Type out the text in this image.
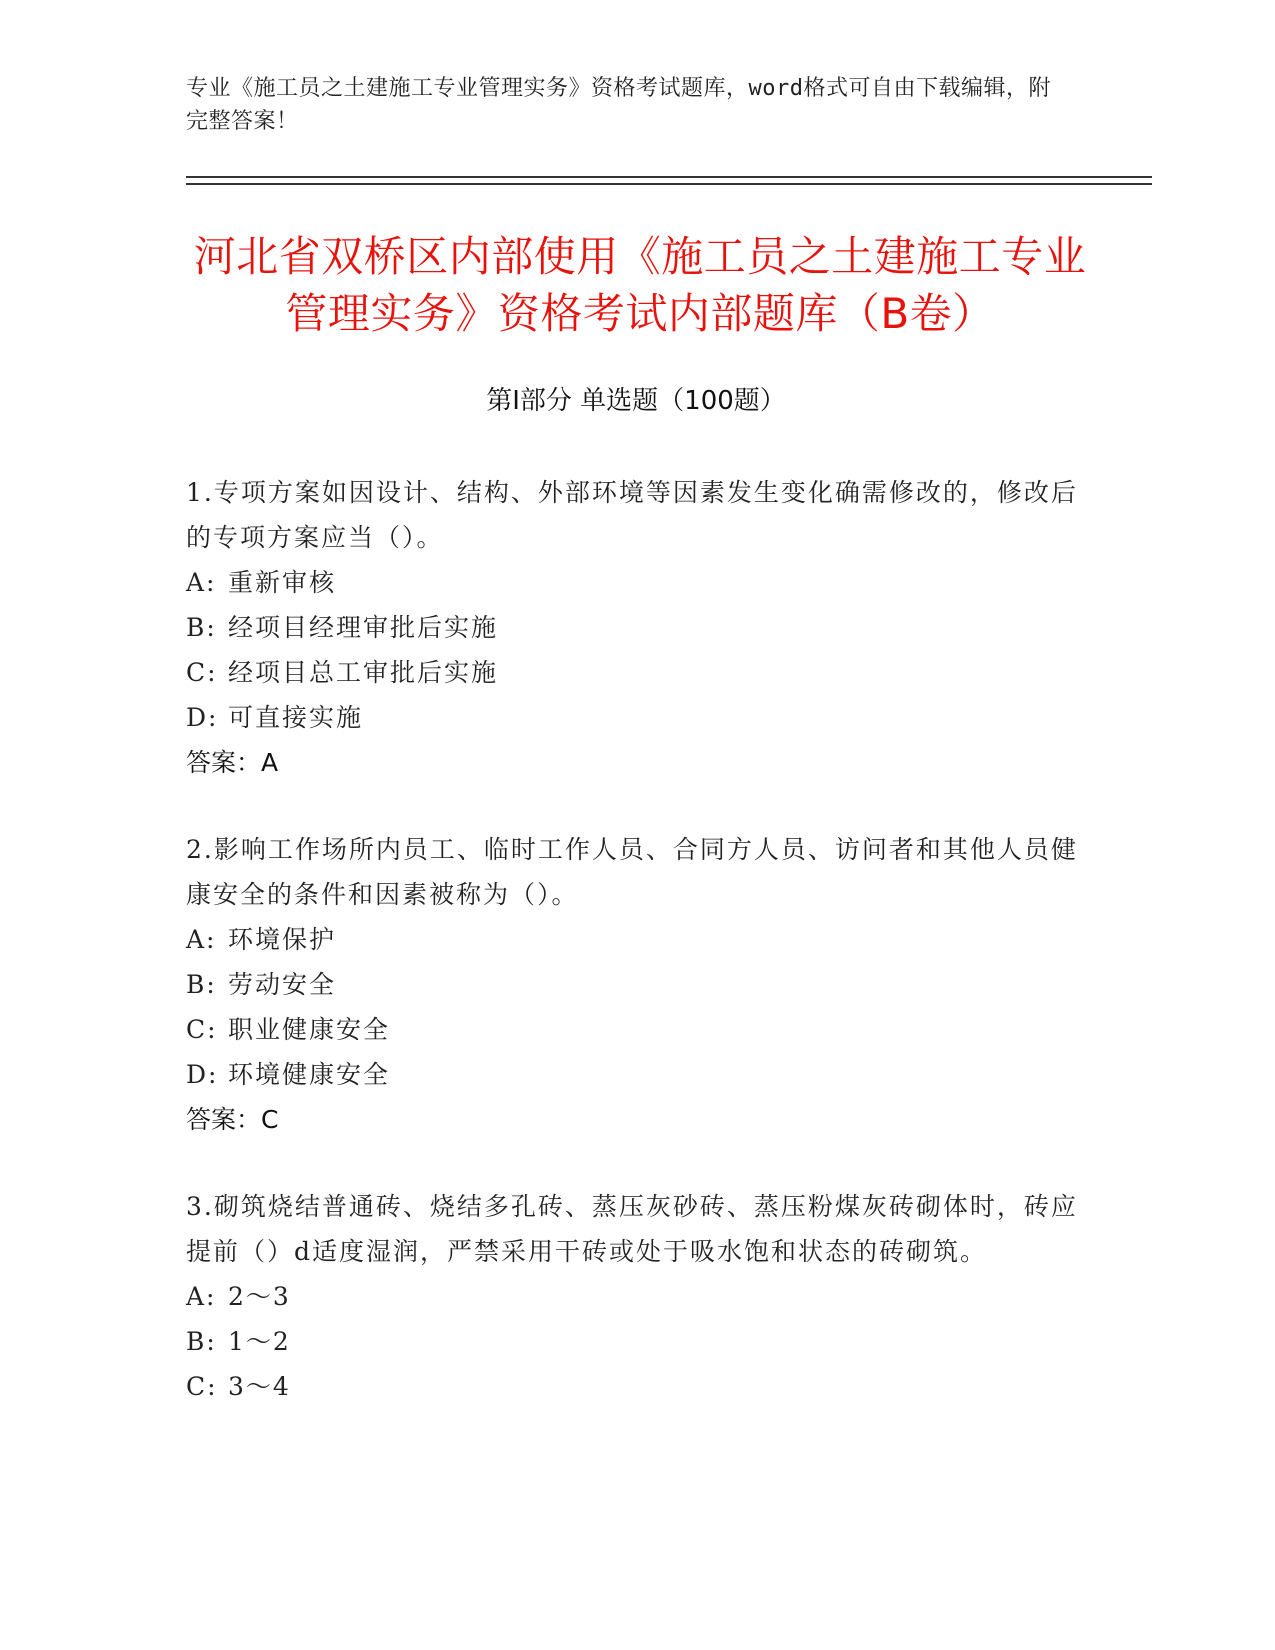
专业《施工员之土建施工专业管理实务》资格考试题库，word格式可自由下载编辑，附完整答案！
河北省双桥区内部使用《施工员之土建施工专业管理实务》资格考试内部题库（B卷）
第Ⅰ部分 单选题（100题）
1.专项方案如因设计、结构、外部环境等因素发生变化确需修改的，修改后的专项方案应当（）。
A: 重新审核
B: 经项目经理审批后实施
C: 经项目总工审批后实施
D: 可直接实施
答案：A
2.影响工作场所内员工、临时工作人员、合同方人员、访问者和其他人员健康安全的条件和因素被称为（）。
A: 环境保护
B: 劳动安全
C: 职业健康安全
D: 环境健康安全
答案：C
3.砌筑烧结普通砖、烧结多孔砖、蒸压灰砂砖、蒸压粉煤灰砖砌体时，砖应提前（）d适度湿润，严禁采用干砖或处于吸水饱和状态的砖砌筑。
A: 2～3
B: 1～2
C: 3～4
